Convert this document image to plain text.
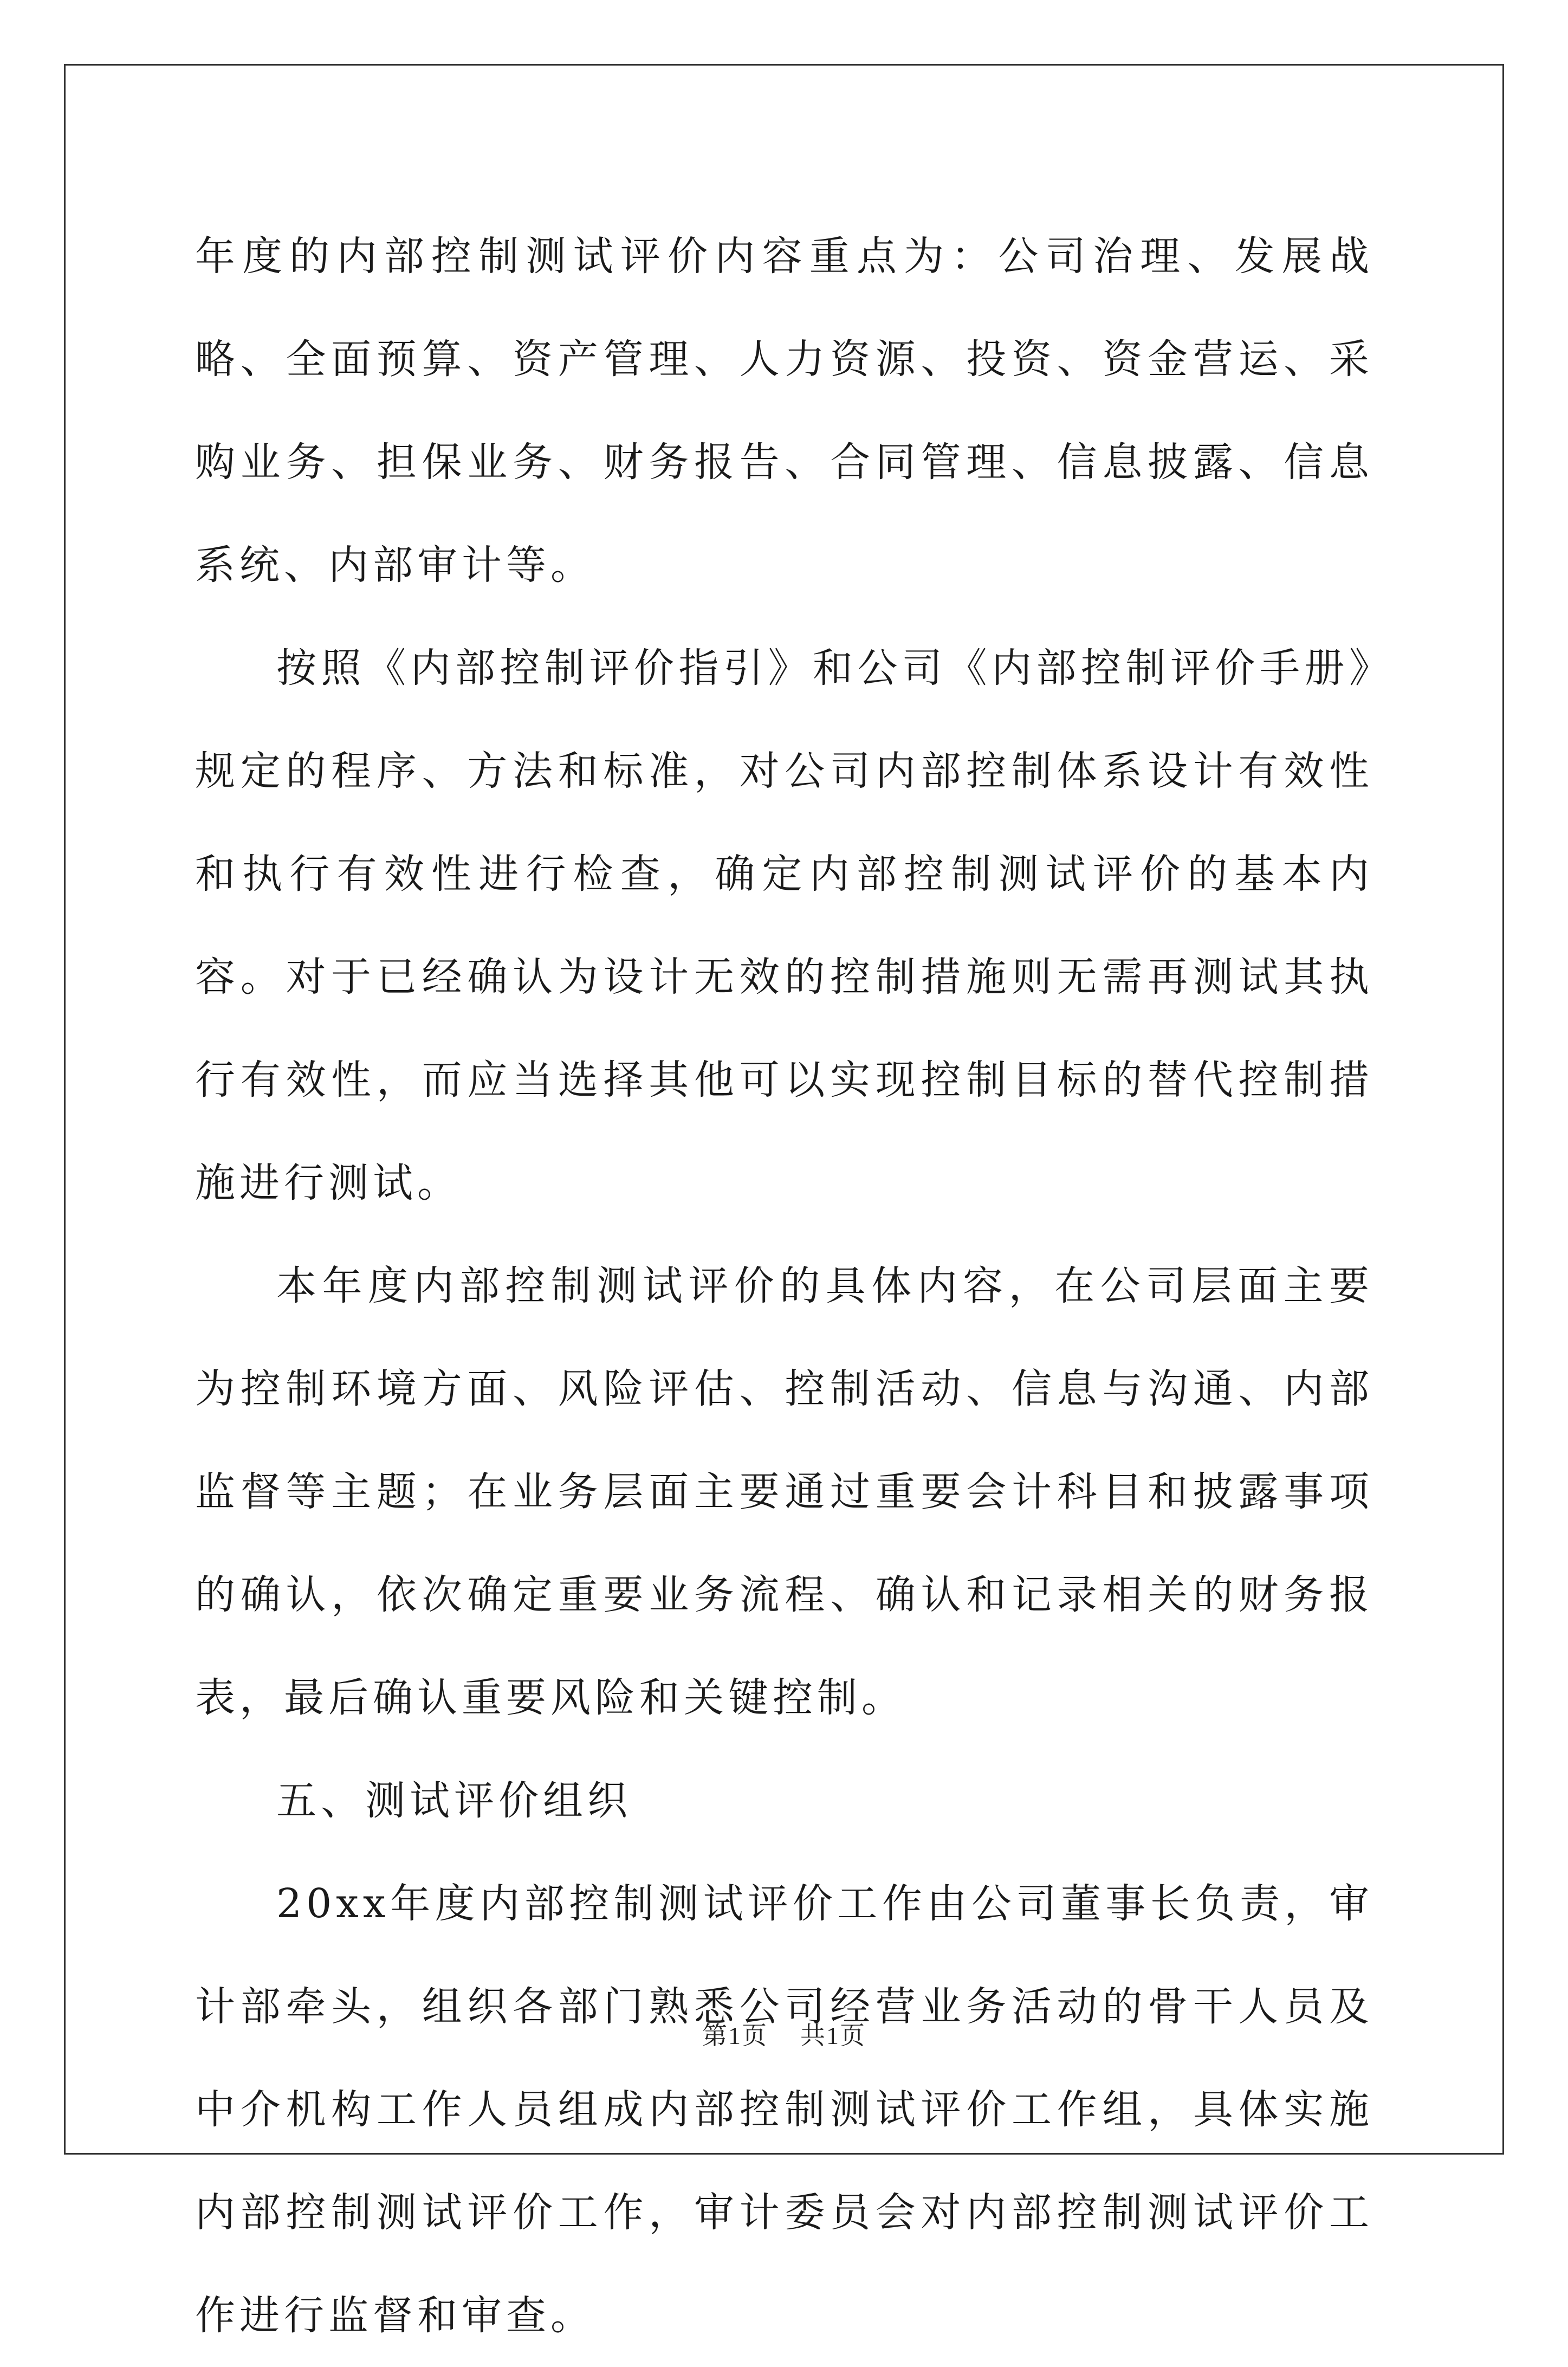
年度的内部控制测试评价内容重点为：公司治理、发展战略、全面预算、资产管理、人力资源、投资、资金营运、采购业务、担保业务、财务报告、合同管理、信息披露、信息系统、内部审计等。

按照《内部控制评价指引》和公司《内部控制评价手册》规定的程序、方法和标准，对公司内部控制体系设计有效性和执行有效性进行检查，确定内部控制测试评价的基本内容。对于已经确认为设计无效的控制措施则无需再测试其执行有效性，而应当选择其他可以实现控制目标的替代控制措施进行测试。

本年度内部控制测试评价的具体内容，在公司层面主要为控制环境方面、风险评估、控制活动、信息与沟通、内部监督等主题；在业务层面主要通过重要会计科目和披露事项的确认，依次确定重要业务流程、确认和记录相关的财务报表，最后确认重要风险和关键控制。

五、测试评价组织

20xx年度内部控制测试评价工作由公司董事长负责，审计部牵头，组织各部门熟悉公司经营业务活动的骨干人员及中介机构工作人员组成内部控制测试评价工作组，具体实施内部控制测试评价工作，审计委员会对内部控制测试评价工作进行监督和审查。

第1页 共1页
